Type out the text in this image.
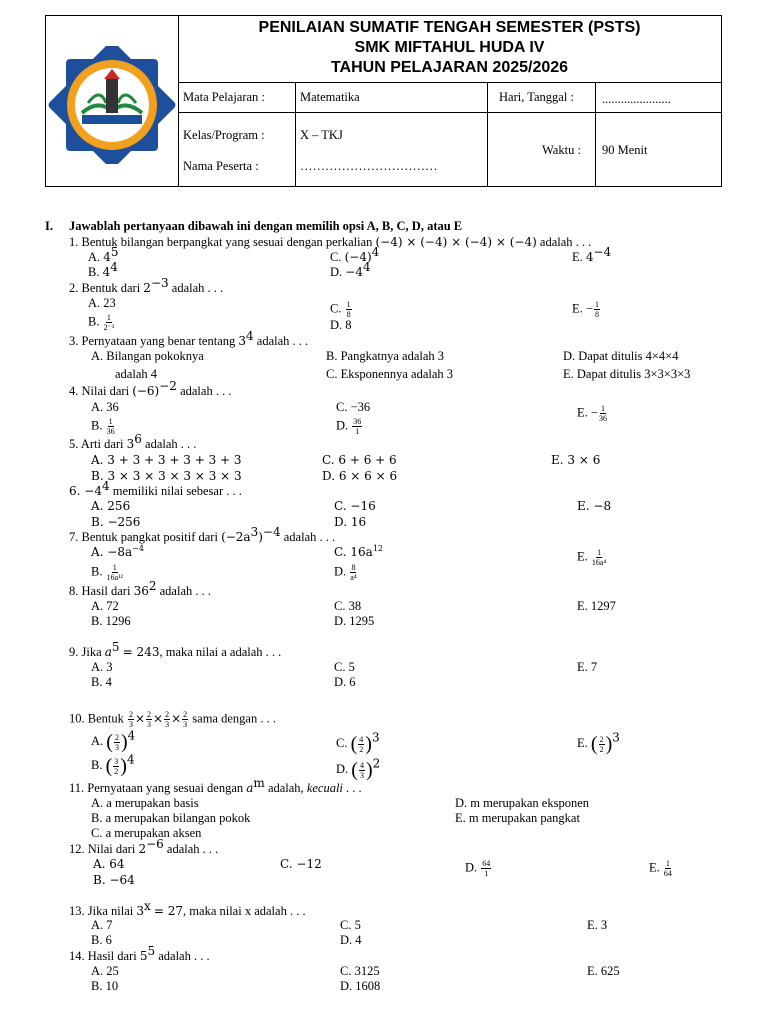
PENILAIAN SUMATIF TENGAH SEMESTER (PSTS)
SMK MIFTAHUL HUDA IV
TAHUN PELAJARAN 2025/2026
Mata Pelajaran :	Matematika	Hari, Tanggal : ......................
Kelas/Program :	X – TKJ
Nama Peserta :	……………………………
Waktu : 90 Menit
I. Jawablah pertanyaan dibawah ini dengan memilih opsi A, B, C, D, atau E
1. Bentuk bilangan berpangkat yang sesuai dengan perkalian (−4) × (−4) × (−4) × (−4) adalah . . .
A. $4^5$
B. $4^4$
C. $(-4)^4$
D. $-4^4$
E. $4^{-4}$
2. Bentuk dari $2^{-3}$ adalah . . .
A. 23
B. $\frac{1}{\text{2⁻³}}$
C. $\frac{1}{8}$
D. 8
E. − $\frac{1}{8}$
3. Pernyataan yang benar tentang $3^4$ adalah . . .
A. Bilangan pokoknya
adalah 4
B. Pangkatnya adalah 3
C. Eksponennya adalah 3
D. Dapat ditulis 4×4×4
E. Dapat ditulis 3×3×3×3
4. Nilai dari $(-6)^{-2}$ adalah . . .
A. 36
B. $\frac{1}{36}$
C. −36
D. $\frac{36}{1}$
E. − $\frac{1}{36}$
5. Arti dari $3^6$ adalah . . .
A. 3 + 3 + 3 + 3 + 3 + 3
B. 3 × 3 × 3 × 3 × 3 × 3
C. 6 + 6 + 6
D. 6 × 6 × 6
E. 3 × 6
6. $-4^4$ memiliki nilai sebesar . . .
A. 256
B. −256
C. −16
D. 16
E. −8
7. Bentuk pangkat positif dari $(-2a^3)^{-4}$ adalah . . .
A. $-8a^{-4}$
B. $\frac{1}{\text{16a¹²}}$
C. $16a^{12}$
D. $\frac{8}{\text{a⁴}}$
E. $\frac{1}{\text{16a⁴}}$
8. Hasil dari $36^2$ adalah . . .
A. 72
B. 1296
C. 38
D. 1295
E. 1297
9. Jika $a^5 = 243$, maka nilai a adalah . . .
A. 3
B. 4
C. 5
D. 6
E. 7
10. Bentuk $\frac{2}{3} \times \frac{2}{3} \times \frac{2}{3} \times \frac{2}{3}$ sama dengan . . .
A. ( 2
3 ) $^4$
B. ( 3
2 ) $^4$
C. ( 4
2 ) $^3$
D. ( 4
3 ) $^2$
E. ( 2
2 ) $^3$
11. Pernyataan yang sesuai dengan $a^m$ adalah, kecuali . . .
A. a merupakan basis
B. a merupakan bilangan pokok
C. a merupakan aksen
D. m merupakan eksponen
E. m merupakan pangkat
12. Nilai dari $2^{-6}$ adalah . . .
A. 64
B. −64
C. −12	D. $\frac{64}{1}$	E. $\frac{1}{64}$
13. Jika nilai $3^x = 27$, maka nilai x adalah . . .
A. 7
B. 6
C. 5
D. 4
E. 3
14. Hasil dari $5^5$ adalah . . .
A. 25
B. 10
C. 3125
D. 1608
E. 625
